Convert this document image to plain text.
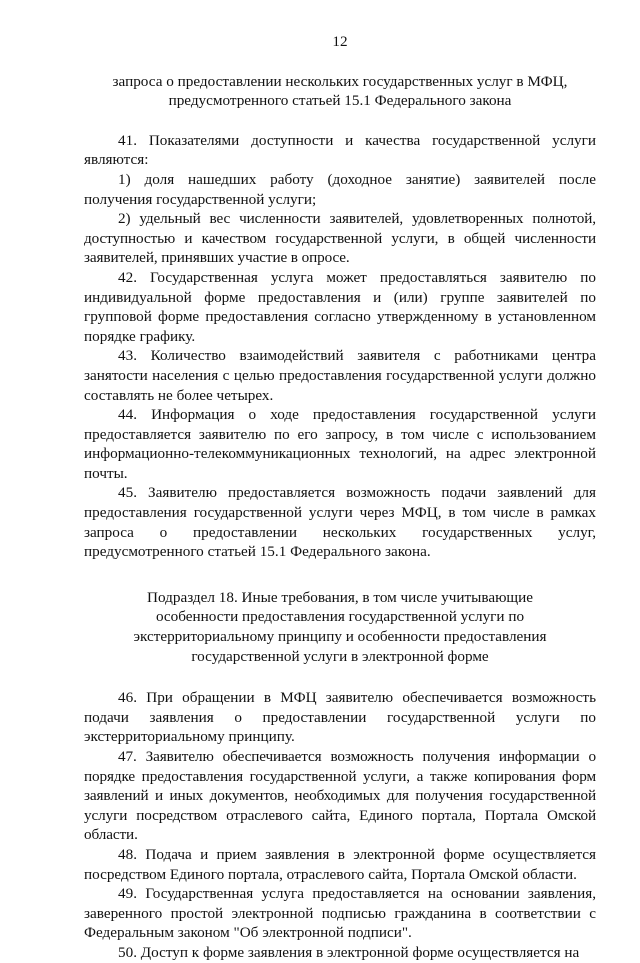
12
запроса о предоставлении нескольких государственных услуг в МФЦ,
предусмотренного статьей 15.1 Федерального закона

41. Показателями доступности и качества государственной услуги являются:

1) доля нашедших работу (доходное занятие) заявителей после получения государственной услуги;

2) удельный вес численности заявителей, удовлетворенных полнотой, доступностью и качеством государственной услуги, в общей численности заявителей, принявших участие в опросе.

42. Государственная услуга может предоставляться заявителю по индивидуальной форме предоставления и (или) группе заявителей по групповой форме предоставления согласно утвержденному в установленном порядке графику.

43. Количество взаимодействий заявителя с работниками центра занятости населения с целью предоставления государственной услуги должно составлять не более четырех.

44. Информация о ходе предоставления государственной услуги предоставляется заявителю по его запросу, в том числе с использованием информационно-телекоммуникационных технологий, на адрес электронной почты.

45. Заявителю предоставляется возможность подачи заявлений для предоставления государственной услуги через МФЦ, в том числе в рамках запроса о предоставлении нескольких государственных услуг, предусмотренного статьей 15.1 Федерального закона.

Подраздел 18. Иные требования, в том числе учитывающие
особенности предоставления государственной услуги по
экстерриториальному принципу и особенности предоставления
государственной услуги в электронной форме

46. При обращении в МФЦ заявителю обеспечивается возможность подачи заявления о предоставлении государственной услуги по экстерриториальному принципу.

47. Заявителю обеспечивается возможность получения информации о порядке предоставления государственной услуги, а также копирования форм заявлений и иных документов, необходимых для получения государственной услуги посредством отраслевого сайта, Единого портала, Портала Омской области.

48. Подача и прием заявления в электронной форме осуществляется посредством Единого портала, отраслевого сайта, Портала Омской области.

49. Государственная услуга предоставляется на основании заявления, заверенного простой электронной подписью гражданина в соответствии с Федеральным законом "Об электронной подписи".

50. Доступ к форме заявления в электронной форме осуществляется на
